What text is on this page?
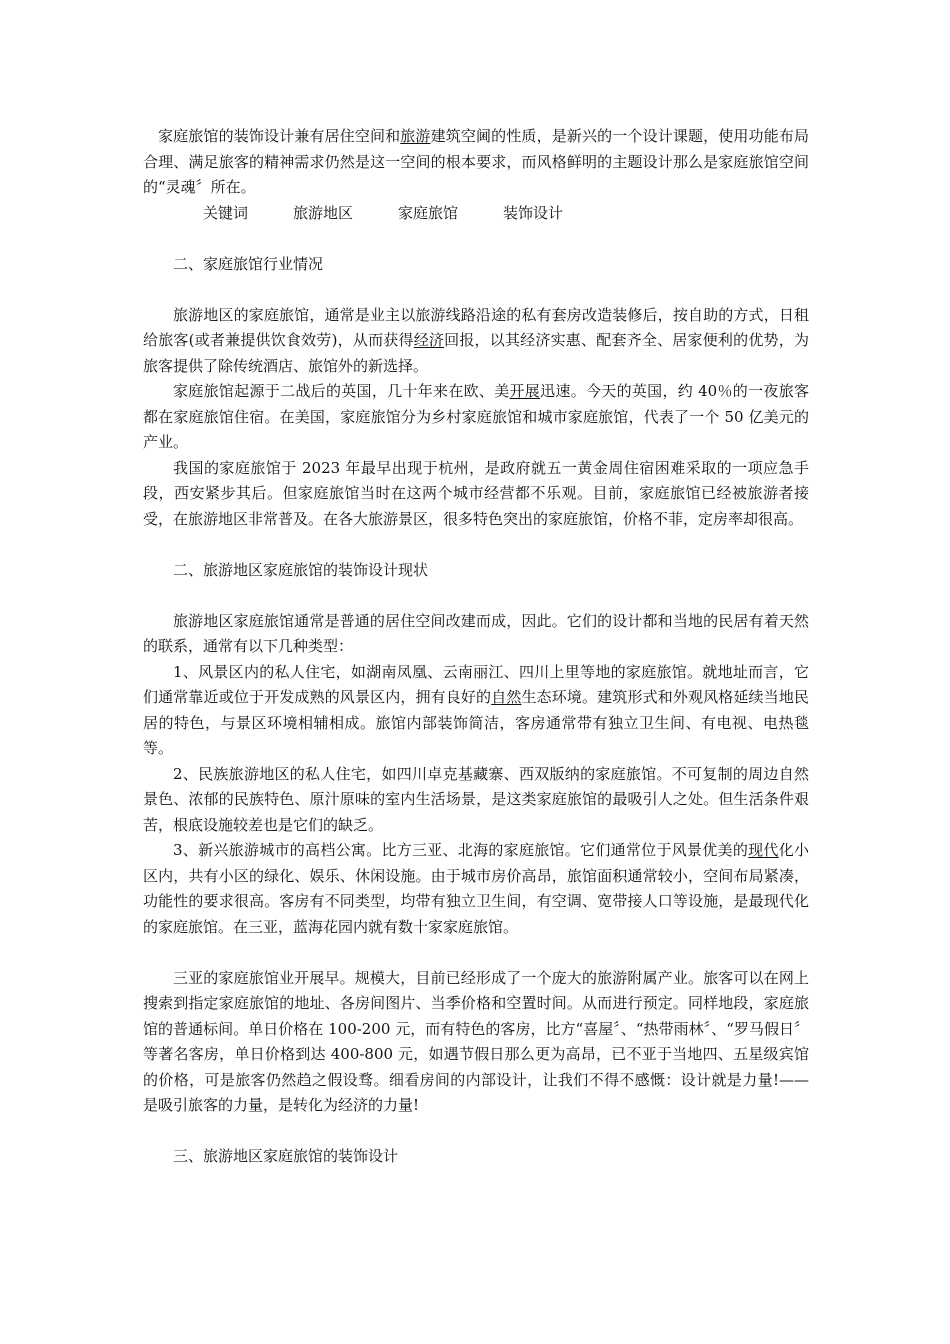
家庭旅馆的装饰设计兼有居住空间和旅游建筑空阃的性质，是新兴的一个设计课题，使用功能布局合理、满足旅客的精神需求仍然是这一空间的根本要求，而风格鲜明的主题设计那么是家庭旅馆空间的“灵魂〞所在。

关键词	旅游地区	家庭旅馆	装饰设计

二、家庭旅馆行业情况

旅游地区的家庭旅馆，通常是业主以旅游线路沿途的私有套房改造装修后，按自助的方式，日租给旅客(或者兼提供饮食效劳)，从而获得经济回报，以其经济实惠、配套齐全、居家便利的优势，为旅客提供了除传统酒店、旅馆外的新选择。

家庭旅馆起源于二战后的英国，几十年来在欧、美开展迅速。今天的英国，约 40％的一夜旅客都在家庭旅馆住宿。在美国，家庭旅馆分为乡村家庭旅馆和城市家庭旅馆，代表了一个 50 亿美元的产业。

我国的家庭旅馆于 2023 年最早出现于杭州，是政府就五一黄金周住宿困难采取的一项应急手段，西安紧步其后。但家庭旅馆当时在这两个城市经营都不乐观。目前，家庭旅馆已经被旅游者接受，在旅游地区非常普及。在各大旅游景区，很多特色突出的家庭旅馆，价格不菲，定房率却很高。

二、旅游地区家庭旅馆的装饰设计现状

旅游地区家庭旅馆通常是普通的居住空间改建而成，因此。它们的设计都和当地的民居有着天然的联系，通常有以下几种类型：

1、风景区内的私人住宅，如湖南凤凰、云南丽江、四川上里等地的家庭旅馆。就地址而言，它们通常靠近或位于开发成熟的风景区内，拥有良好的自然生态环境。建筑形式和外观风格延续当地民居的特色，与景区环境相辅相成。旅馆内部装饰简洁，客房通常带有独立卫生间、有电视、电热毯等。

2、民族旅游地区的私人住宅，如四川卓克基藏寨、西双版纳的家庭旅馆。不可复制的周边自然景色、浓郁的民族特色、原汁原味的室内生活场景，是这类家庭旅馆的最吸引人之处。但生活条件艰苦，根底设施较差也是它们的缺乏。

3、新兴旅游城市的高档公寓。比方三亚、北海的家庭旅馆。它们通常位于风景优美的现代化小区内，共有小区的绿化、娱乐、休闲设施。由于城市房价高昂，旅馆面积通常较小，空间布局紧凑，功能性的要求很高。客房有不同类型，均带有独立卫生间，有空调、宽带接人口等设施，是最现代化的家庭旅馆。在三亚，蓝海花园内就有数十家家庭旅馆。

三亚的家庭旅馆业开展早。规模大，目前已经形成了一个庞大的旅游附属产业。旅客可以在网上搜索到指定家庭旅馆的地址、各房间图片、当季价格和空置时间。从而进行预定。同样地段，家庭旅馆的普通标间。单日价格在 100-200 元，而有特色的客房，比方“喜屋〞、“热带雨林〞、“罗马假日〞等著名客房，单日价格到达 400-800 元，如遇节假日那么更为高昂，已不亚于当地四、五星级宾馆的价格，可是旅客仍然趋之假设骛。细看房间的内部设计，让我们不得不感慨：设计就是力量!——是吸引旅客的力量，是转化为经济的力量!

三、旅游地区家庭旅馆的装饰设计
